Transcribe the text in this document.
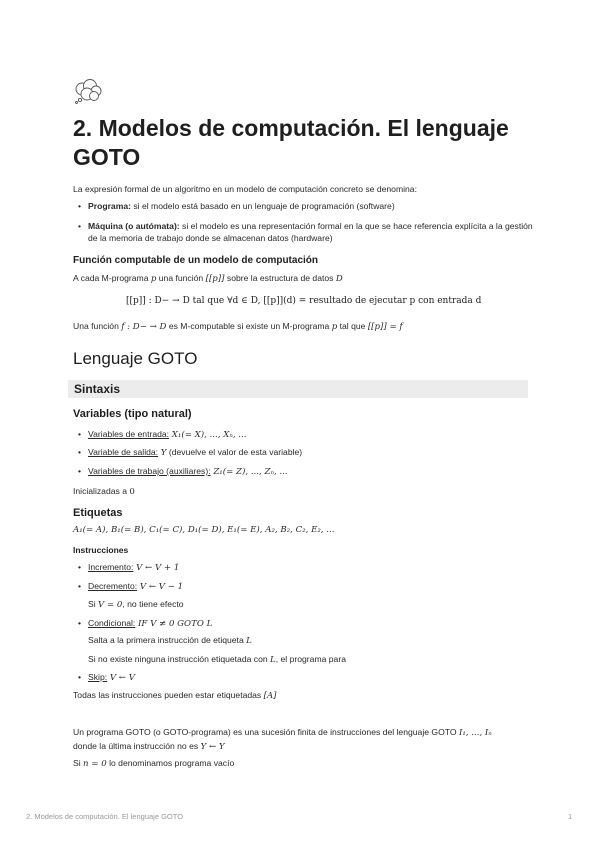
2. Modelos de computación. El lenguaje GOTO
La expresión formal de un algoritmo en un modelo de computación concreto se denomina:
• Programa: si el modelo está basado en un lenguaje de programación (software)
• Máquina (o autómata): si el modelo es una representación formal en la que se hace referencia explícita a la gestión de la memoria de trabajo donde se almacenan datos (hardware)
Función computable de un modelo de computación
A cada M-programa p una función [[p]] sobre la estructura de datos D
[[p]] : D− → D tal que ∀d ∈ D, [[p]](d) = resultado de ejecutar p con entrada d
Una función f : D− → D es M-computable si existe un M-programa p tal que [[p]] = f
Lenguaje GOTO
Sintaxis
Variables (tipo natural)
• Variables de entrada: X₁(= X), ..., Xₙ, ...
• Variable de salida: Y (devuelve el valor de esta variable)
• Variables de trabajo (auxiliares): Z₁(= Z), ..., Zₙ, ...
Inicializadas a 0
Etiquetas
A₁(= A), B₁(= B), C₁(= C), D₁(= D), E₁(= E), A₂, B₂, C₂, E₂, ...
Instrucciones
• Incremento: V ← V + 1
• Decremento: V ← V − 1
Si V = 0, no tiene efecto
• Condicional: IF V ≠ 0 GOTO L
Salta a la primera instrucción de etiqueta L
Si no existe ninguna instrucción etiquetada con L, el programa para
• Skip: V ← V
Todas las instrucciones pueden estar etiquetadas [A]
Un programa GOTO (o GOTO-programa) es una sucesión finita de instrucciones del lenguaje GOTO I₁, ..., Iₙ
donde la última instrucción no es Y ← Y
Si n = 0 lo denominamos programa vacío
2. Modelos de computación. El lenguaje GOTO	1
